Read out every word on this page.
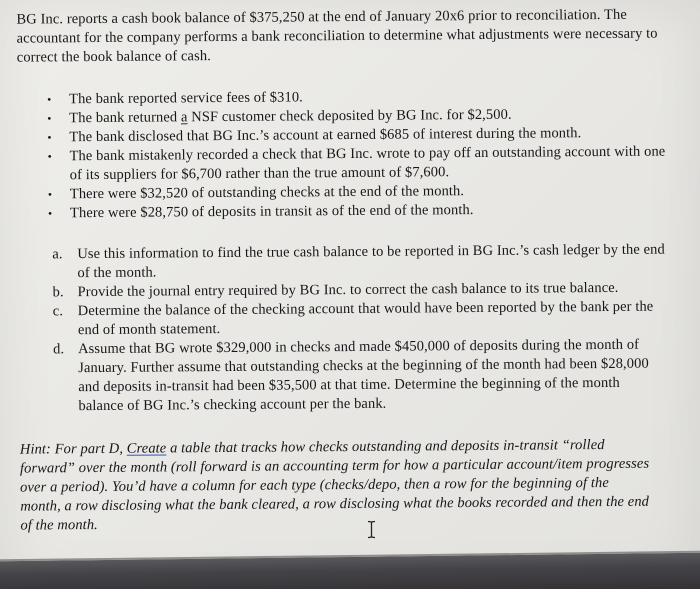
BG Inc. reports a cash book balance of $375,250 at the end of January 20x6 prior to reconciliation. The accountant for the company performs a bank reconciliation to determine what adjustments were necessary to correct the book balance of cash.

•	The bank reported service fees of $310.
•	The bank returned a NSF customer check deposited by BG Inc. for $2,500.
•	The bank disclosed that BG Inc.’s account at earned $685 of interest during the month.
•	The bank mistakenly recorded a check that BG Inc. wrote to pay off an outstanding account with one of its suppliers for $6,700 rather than the true amount of $7,600.
•	There were $32,520 of outstanding checks at the end of the month.
•	There were $28,750 of deposits in transit as of the end of the month.
a.	Use this information to find the true cash balance to be reported in BG Inc.’s cash ledger by the end of the month.
b. Provide the journal entry required by BG Inc. to correct the cash balance to its true balance.
c.	Determine the balance of the checking account that would have been reported by the bank per the end of month statement.
d. Assume that BG wrote $329,000 in checks and made $450,000 of deposits during the month of January. Further assume that outstanding checks at the beginning of the month had been $28,000 and deposits in-transit had been $35,500 at that time. Determine the beginning of the month balance of BG Inc.’s checking account per the bank.

Hint: For part D, Create a table that tracks how checks outstanding and deposits in-transit “rolled forward” over the month (roll forward is an accounting term for how a particular account/item progresses over a period). You’d have a column for each type (checks/depo, then a row for the beginning of the month, a row disclosing what the bank cleared, a row disclosing what the books recorded and then the end of the month.
